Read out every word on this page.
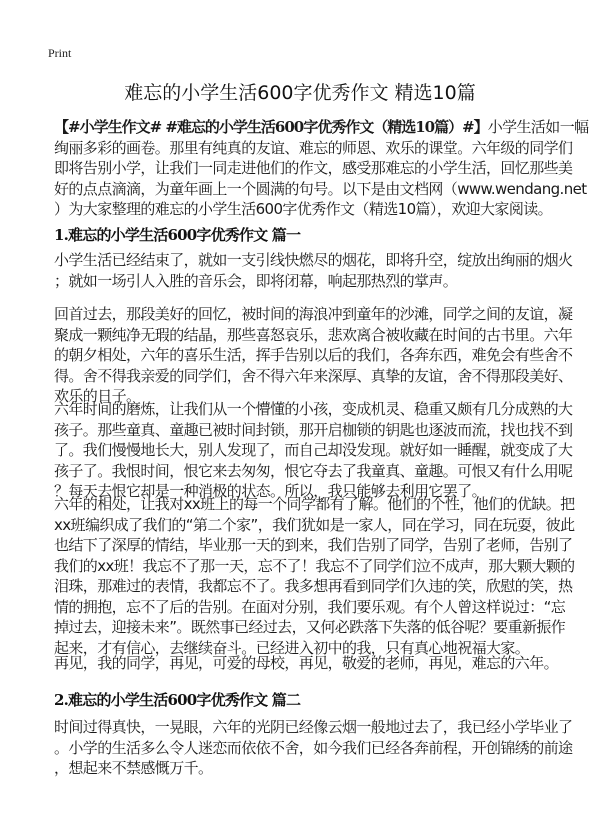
Print
难忘的小学生活600字优秀作文 精选10篇
【#小学生作文# #难忘的小学生活600字优秀作文（精选10篇）#】小学生活如一幅
绚丽多彩的画卷。那里有纯真的友谊、难忘的师恩、欢乐的课堂。六年级的同学们
即将告别小学，让我们一同走进他们的作文，感受那难忘的小学生活，回忆那些美
好的点点滴滴，为童年画上一个圆满的句号。以下是由文档网（www.wendang.net
）为大家整理的难忘的小学生活600字优秀作文（精选10篇），欢迎大家阅读。
1.难忘的小学生活600字优秀作文 篇一
小学生活已经结束了，就如一支引线快燃尽的烟花，即将升空，绽放出绚丽的烟火
；就如一场引人入胜的音乐会，即将闭幕，响起那热烈的掌声。
回首过去，那段美好的回忆，被时间的海浪冲到童年的沙滩，同学之间的友谊，凝
聚成一颗纯净无瑕的结晶，那些喜怒哀乐，悲欢离合被收藏在时间的古书里。六年
的朝夕相处，六年的喜乐生活，挥手告别以后的我们，各奔东西，难免会有些舍不
得。舍不得我亲爱的同学们，舍不得六年来深厚、真挚的友谊，舍不得那段美好、
欢乐的日子。
六年时间的磨炼，让我们从一个懵懂的小孩，变成机灵、稳重又颇有几分成熟的大
孩子。那些童真、童趣已被时间封锁，那开启枷锁的钥匙也逐波而流，找也找不到
了。我们慢慢地长大，别人发现了，而自己却没发现。就好如一睡醒，就变成了大
孩子了。我恨时间，恨它来去匆匆，恨它夺去了我童真、童趣。可恨又有什么用呢
？每天去恨它却是一种消极的状态。所以，我只能够去利用它罢了。
六年的相处，让我对xx班上的每一个同学都有了解。他们的个性，他们的优缺。把
xx班编织成了我们的“第二个家”，我们犹如是一家人，同在学习，同在玩耍，彼此
也结下了深厚的情结，毕业那一天的到来，我们告别了同学，告别了老师，告别了
我们的xx班！我忘不了那一天，忘不了！我忘不了同学们泣不成声，那大颗大颗的
泪珠，那难过的表情，我都忘不了。我多想再看到同学们久违的笑，欣慰的笑，热
情的拥抱，忘不了后的告别。在面对分别，我们要乐观。有个人曾这样说过：“忘
掉过去，迎接未来”。既然事已经过去，又何必跌落下失落的低谷呢？要重新振作
起来，才有信心，去继续奋斗。已经进入初中的我，只有真心地祝福大家。
再见，我的同学，再见，可爱的母校，再见，敬爱的老师，再见，难忘的六年。
2.难忘的小学生活600字优秀作文 篇二
时间过得真快，一晃眼，六年的光阴已经像云烟一般地过去了，我已经小学毕业了
。小学的生活多么令人迷恋而依依不舍，如今我们已经各奔前程，开创锦绣的前途
，想起来不禁感慨万千。
